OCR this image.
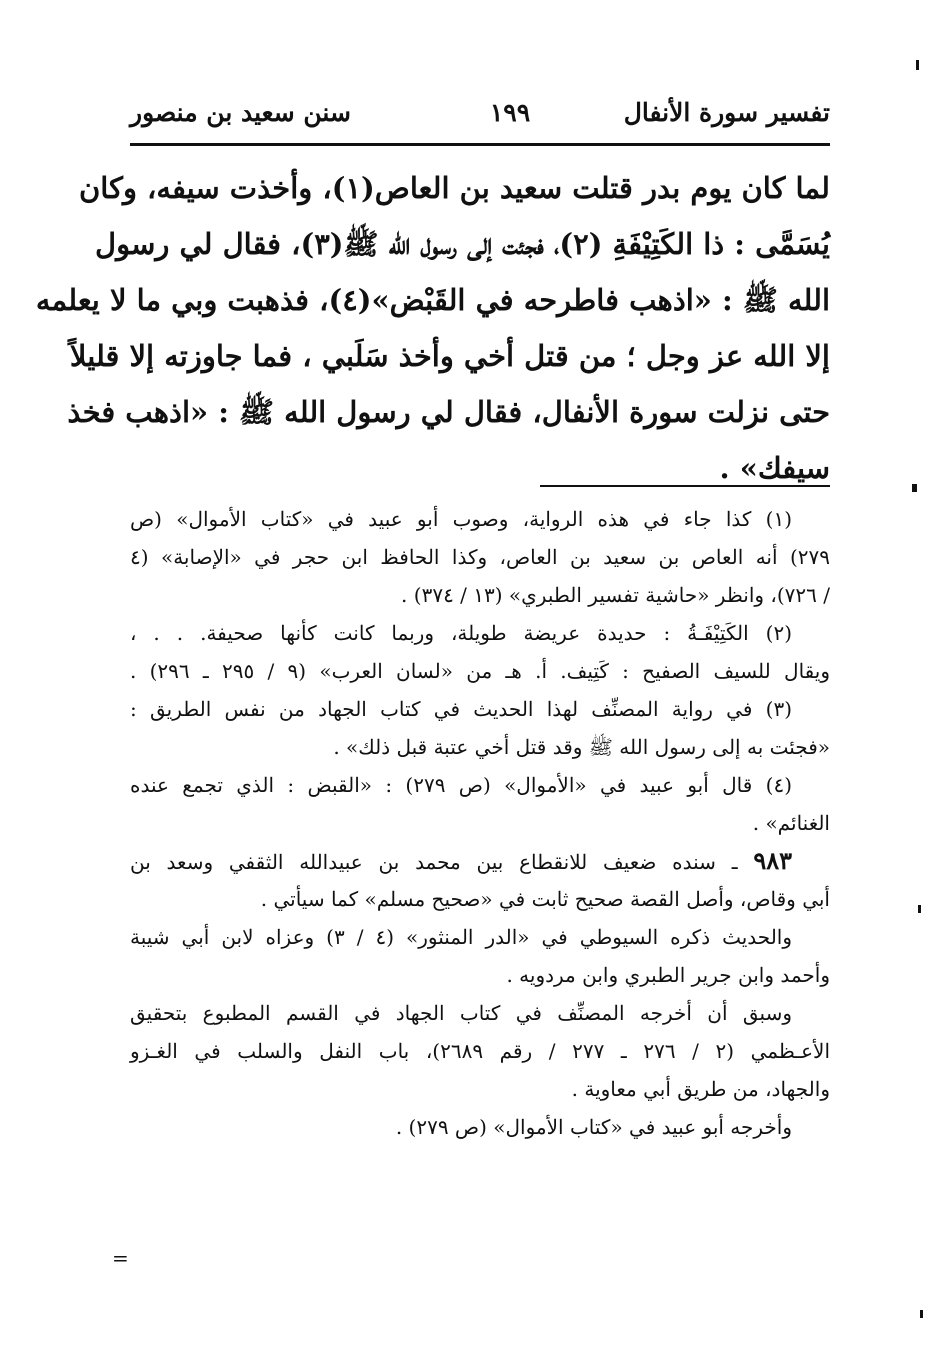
تفسير سورة الأنفال
١٩٩
سنن سعيد بن منصور
لما كان يوم بدر قتلت سعيد بن العاص(١)، وأخذت سيفه، وكان
يُسَمَّى : ذا الكَتِيْفَةِ (٢)، فجئت إلى رسول الله ﷺ(٣)، فقال لي رسول
الله ﷺ : «اذهب فاطرحه في القَبْض»(٤)، فذهبت وبي ما لا يعلمه
إلا الله عز وجل ؛ من قتل أخي وأخذ سَلَبي ، فما جاوزته إلا قليلاً
حتى نزلت سورة الأنفال، فقال لي رسول الله ﷺ : «اذهب فخذ
سيفك» .
(١) كذا جاء في هذه الرواية، وصوب أبو عبيد في «كتاب الأموال» (ص
٢٧٩) أنه العاص بن سعيد بن العاص، وكذا الحافظ ابن حجر في «الإصابة» (٤
/ ٧٢٦)، وانظر «حاشية تفسير الطبري» (١٣ / ٣٧٤) .
(٢) الكَتِيْفَـةُ : حديدة عريضة طويلة، وربما كانت كأنها صحيفة. . . ،
ويقال للسيف الصفيح : كَتِيف. أ. هـ من «لسان العرب» (٩ / ٢٩٥ ـ ٢٩٦) .
(٣) في رواية المصنِّف لهذا الحديث في كتاب الجهاد من نفس الطريق :
«فجئت به إلى رسول الله ﷺ وقد قتل أخي عتبة قبل ذلك» .
(٤) قال أبو عبيد في «الأموال» (ص ٢٧٩) : «القبض : الذي تجمع عنده
الغنائم» .
٩٨٣ ـ سنده ضعيف للانقطاع بين محمد بن عبيدالله الثقفي وسعد بن
أبي وقاص، وأصل القصة صحيح ثابت في «صحيح مسلم» كما سيأتي .
والحديث ذكره السيوطي في «الدر المنثور» (٤ / ٣) وعزاه لابن أبي شيبة
وأحمد وابن جرير الطبري وابن مردويه .
وسبق أن أخرجه المصنِّف في كتاب الجهاد في القسم المطبوع بتحقيق
الأعـظمي (٢ / ٢٧٦ ـ ٢٧٧ / رقم ٢٦٨٩)، باب النفل والسلب في الغـزو
والجهاد، من طريق أبي معاوية .
وأخرجه أبو عبيد في «كتاب الأموال» (ص ٢٧٩) .
=
